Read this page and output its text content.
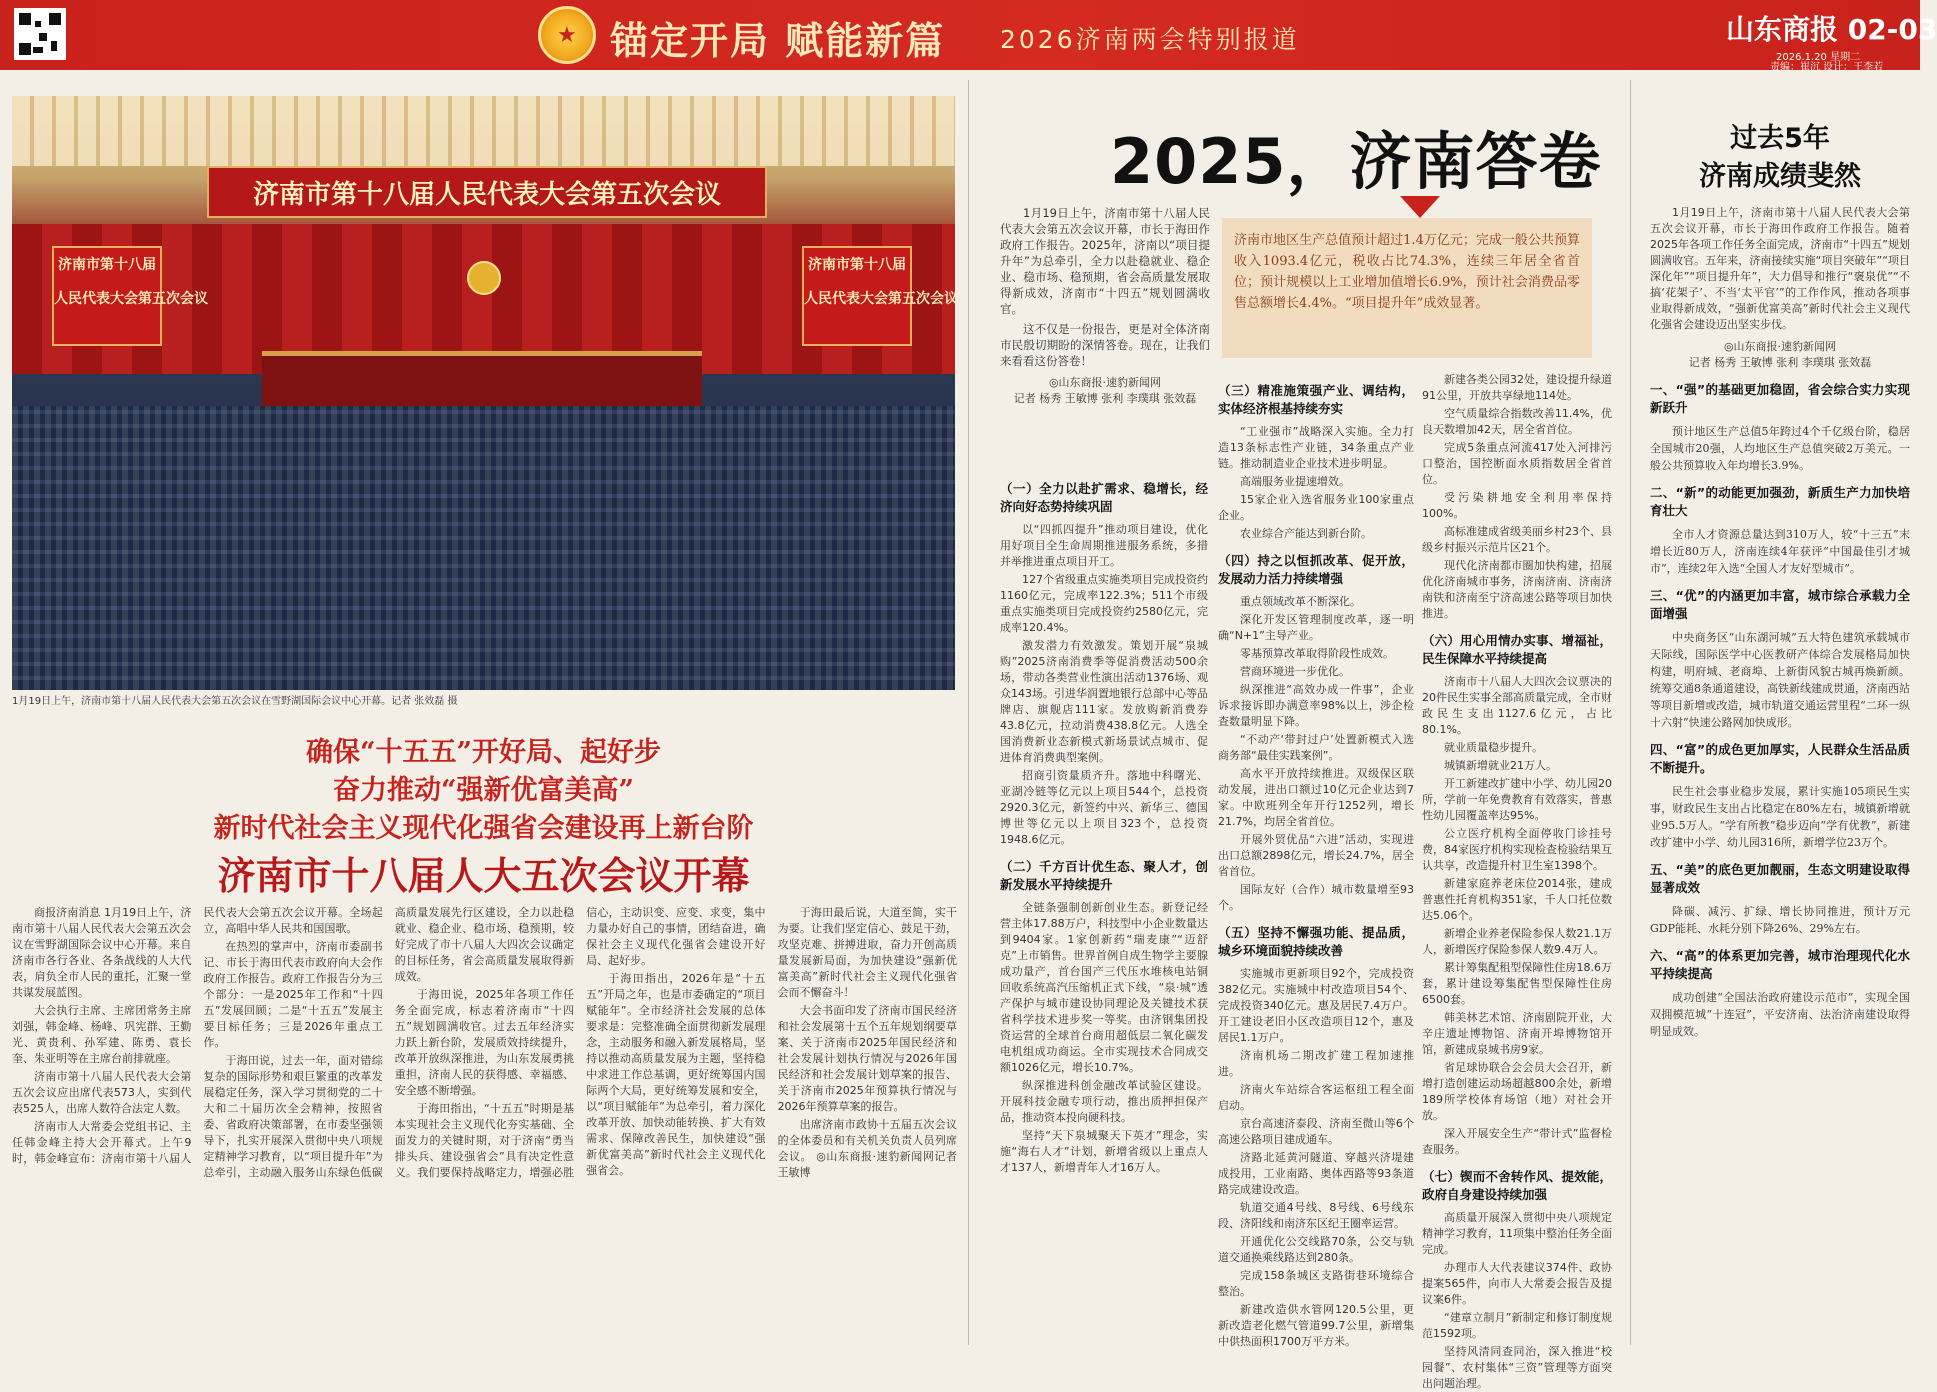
★ 锚定开局 赋能新篇 2026济南两会特别报道	山东商报 02-03
2026.1.20 星期二
责编：崔沉 设计：王李若
济南市第十八届人民代表大会第五次会议
济南市第十八届
人民代表大会第五次会议
济南市第十八届
人民代表大会第五次会议
1月19日上午，济南市第十八届人民代表大会第五次会议在雪野湖国际会议中心开幕。记者 张效磊 摄
确保“十五五”开好局、起好步
奋力推动“强新优富美高”
新时代社会主义现代化强省会建设再上新台阶
济南市十八届人大五次会议开幕

商报济南消息 1月19日上午，济南市第十八届人民代表大会第五次会议在雪野湖国际会议中心开幕。来自济南市各行各业、各条战线的人大代表，肩负全市人民的重托，汇聚一堂共谋发展蓝图。

大会执行主席、主席团常务主席刘强，韩金峰、杨峰、巩宪群、王勤光、黄贵利、孙军建、陈勇、袁长奎、朱亚明等在主席台前排就座。

济南市第十八届人民代表大会第五次会议应出席代表573人，实到代表525人，出席人数符合法定人数。

济南市人大常委会党组书记、主任韩金峰主持大会开幕式。上午9时，韩金峰宣布：济南市第十八届人民代表大会第五次会议开幕。全场起立，高唱中华人民共和国国歌。

在热烈的掌声中，济南市委副书记、市长于海田代表市政府向大会作政府工作报告。政府工作报告分为三个部分：一是2025年工作和“十四五”发展回顾；二是“十五五”发展主要目标任务；三是2026年重点工作。

于海田说，过去一年，面对错综复杂的国际形势和艰巨繁重的改革发展稳定任务，深入学习贯彻党的二十大和二十届历次全会精神，按照省委、省政府决策部署，在市委坚强领导下，扎实开展深入贯彻中央八项规定精神学习教育，以“项目提升年”为总牵引，主动融入服务山东绿色低碳高质量发展先行区建设，全力以赴稳就业、稳企业、稳市场、稳预期，较好完成了市十八届人大四次会议确定的目标任务，省会高质量发展取得新成效。

于海田说，2025年各项工作任务全面完成，标志着济南市“十四五”规划圆满收官。过去五年经济实力跃上新台阶，发展质效持续提升，改革开放纵深推进，为山东发展勇挑重担，济南人民的获得感、幸福感、安全感不断增强。

于海田指出，“十五五”时期是基本实现社会主义现代化夯实基础、全面发力的关键时期，对于济南“勇当排头兵、建设强省会”具有决定性意义。我们要保持战略定力，增强必胜信心，主动识变、应变、求变，集中力量办好自己的事情，团结奋进，确保社会主义现代化强省会建设开好局、起好步。

于海田指出，2026年是“十五五”开局之年，也是市委确定的“项目赋能年”。全市经济社会发展的总体要求是：完整准确全面贯彻新发展理念，主动服务和融入新发展格局，坚持以推动高质量发展为主题，坚持稳中求进工作总基调，更好统筹国内国际两个大局，更好统筹发展和安全，以“项目赋能年”为总牵引，着力深化改革开放、加快动能转换、扩大有效需求、保障改善民生，加快建设“强新优富美高”新时代社会主义现代化强省会。

于海田最后说，大道至简，实干为要。让我们坚定信心、鼓足干劲，攻坚克难、拼搏进取，奋力开创高质量发展新局面，为加快建设“强新优富美高”新时代社会主义现代化强省会而不懈奋斗！

大会书面印发了济南市国民经济和社会发展第十五个五年规划纲要草案、关于济南市2025年国民经济和社会发展计划执行情况与2026年国民经济和社会发展计划草案的报告、关于济南市2025年预算执行情况与2026年预算草案的报告。

出席济南市政协十五届五次会议的全体委员和有关机关负责人员列席会议。 ◎山东商报·速豹新闻网记者 王敏博

2025，济南答卷
济南市地区生产总值预计超过1.4万亿元；完成一般公共预算收入1093.4亿元，税收占比74.3%，连续三年居全省首位；预计规模以上工业增加值增长6.9%，预计社会消费品零售总额增长4.4%。“项目提升年”成效显著。

1月19日上午，济南市第十八届人民代表大会第五次会议开幕，市长于海田作政府工作报告。2025年，济南以“项目提升年”为总牵引，全力以赴稳就业、稳企业、稳市场、稳预期，省会高质量发展取得新成效，济南市“十四五”规划圆满收官。

这不仅是一份报告，更是对全体济南市民殷切期盼的深情答卷。现在，让我们来看看这份答卷！

◎山东商报·速豹新闻网
记者 杨秀 王敏博 张利 李璞琪 张效磊
（一）全力以赴扩需求、稳增长，经济向好态势持续巩固

以“四抓四提升”推动项目建设，优化用好项目全生命周期推进服务系统，多措并举推进重点项目开工。

127个省级重点实施类项目完成投资约1160亿元，完成率122.3%；511个市级重点实施类项目完成投资约2580亿元，完成率120.4%。

激发潜力有效激发。策划开展“泉城购”2025济南消费季等促消费活动500余场，带动各类营业性演出活动1376场、观众143场。引进华润置地银行总部中心等品牌店、旗舰店111家。发放购新消费券43.8亿元，拉动消费438.8亿元。人选全国消费新业态新模式新场景试点城市、促进体育消费典型案例。

招商引资量质齐升。落地中科曙光、亚湖冷链等亿元以上项目544个，总投资2920.3亿元，新签约中兴、新华三、德国博世等亿元以上项目323个，总投资1948.6亿元。

（二）千方百计优生态、聚人才，创新发展水平持续提升

全链条强制创新创业生态。新登记经营主体17.88万户，科技型中小企业数量达到9404家。1家创新药“瑞麦康”“迈舒克”上市销售。世界首例自成生物学主要腺成功量产，首台国产三代压水堆核电站铜回收系统高汽压缩机正式下线，“泉·城”透产保护与城市建设协同理论及关键技术获省科学技术进步奖一等奖。由济钢集团投资运营的全球首台商用超低层二氧化碳发电机组成功商运。全市实现技术合同成交额1026亿元，增长10.7%。

纵深推进科创金融改革试验区建设。开展科技金融专项行动，推出质押担保产品，推动资本投向硬科技。

坚持“天下泉城聚天下英才”理念，实施“海右人才”计划，新增省级以上重点人才137人，新增青年人才16万人。

（三）精准施策强产业、调结构，实体经济根基持续夯实

“工业强市”战略深入实施。全力打造13条标志性产业链，34条重点产业链。推动制造业企业技术进步明显。

高端服务业提速增效。

15家企业入选省服务业100家重点企业。

农业综合产能达到新台阶。

（四）持之以恒抓改革、促开放，发展动力活力持续增强

重点领域改革不断深化。

深化开发区管理制度改革，逐一明确“N+1”主导产业。

零基预算改革取得阶段性成效。

营商环境进一步优化。

纵深推进“高效办成一件事”，企业诉求接诉即办满意率98%以上，涉企检查数量明显下降。

“不动产‘带封过户’处置新模式入选商务部“最佳实践案例”。

高水平开放持续推进。双级保区联动发展，进出口额过10亿元企业达到7家。中欧班列全年开行1252列，增长21.7%，均居全省首位。

开展外贸优品“六进”活动，实现进出口总额2898亿元，增长24.7%，居全省首位。

国际友好（合作）城市数量增至93个。

（五）坚持不懈强功能、提品质，城乡环境面貌持续改善

实施城市更新项目92个，完成投资382亿元。实施城中村改造项目54个、完成投资340亿元。惠及居民7.4万户。开工建设老旧小区改造项目12个，惠及居民1.1万户。

济南机场二期改扩建工程加速推进。

济南火车站综合客运枢纽工程全面启动。

京台高速济泰段、济南至微山等6个高速公路项目建成通车。

济路北延黄河隧道、穿越兴济堤建成投用，工业南路、奥体西路等93条道路完成建设改造。

轨道交通4号线、8号线、6号线东段、济阳线和南济东区纪王圈率运营。

开通优化公交线路70条，公交与轨道交通换乘线路达到280条。

完成158条城区支路街巷环境综合整治。

新建改造供水管网120.5公里，更新改造老化燃气管道99.7公里，新增集中供热面积1700万平方米。

新建各类公园32处，建设提升绿道91公里，开放共享绿地114处。

空气质量综合指数改善11.4%，优良天数增加42天，居全省首位。

完成5条重点河流417处入河排污口整治，国控断面水质指数居全省首位。

受污染耕地安全利用率保持100%。

高标准建成省级美丽乡村23个、县级乡村振兴示范片区21个。

现代化济南都市圈加快构建，招展优化济南城市事务，济南济南、济南济南铁和济南至宁济高速公路等项目加快推进。

（六）用心用情办实事、增福祉，民生保障水平持续提高

济南市十八届人大四次会议票决的20件民生实事全部高质量完成，全市财政民生支出1127.6亿元，占比80.1%。

就业质量稳步提升。

城镇新增就业21万人。

开工新建改扩建中小学、幼儿园20所，学前一年免费教育有效落实，普惠性幼儿园覆盖率达95%。

公立医疗机构全面停收门诊挂号费，84家医疗机构实现检查检验结果互认共享，改造提升村卫生室1398个。

新建家庭养老床位2014张，建成普惠性托育机构351家，千人口托位数达5.06个。

新增企业养老保险参保人数21.1万人，新增医疗保险参保人数9.4万人。

累计筹集配租型保障性住房18.6万套，累计建设筹集配售型保障性住房6500套。

韩美林艺术馆、济南剧院开业，大辛庄遗址博物馆、济南开埠博物馆开馆，新建成泉城书房9家。

省足球协联合会会员大会召开，新增打造创建运动场超越800余处，新增189所学校体育场馆（地）对社会开放。

深入开展安全生产“带计式”监督检查服务。

（七）锲而不舍转作风、提效能，政府自身建设持续加强

高质量开展深入贯彻中央八项规定精神学习教育，11项集中整治任务全面完成。

办理市人大代表建议374件、政协提案565件，向市人大常委会报告及提议案6件。

“建章立制月”新制定和修订制度规范1592项。

坚持风清同查同治，深入推进“校园餐”、农村集体“三资”管理等方面突出问题治理。

过去5年
济南成绩斐然

1月19日上午，济南市第十八届人民代表大会第五次会议开幕，市长于海田作政府工作报告。随着2025年各项工作任务全面完成，济南市“十四五”规划圆满收官。五年来，济南接续实施“项目突破年”“项目深化年”“项目提升年”，大力倡导和推行“褒泉优”“不搞‘花架子’、不当‘太平官’”的工作作风，推动各项事业取得新成效，“强新优富美高”新时代社会主义现代化强省会建设迈出坚实步伐。

◎山东商报·速豹新闻网
记者 杨秀 王敏博 张利 李璞琪 张效磊
一、“强”的基础更加稳固，省会综合实力实现新跃升

预计地区生产总值5年跨过4个千亿级台阶，稳居全国城市20强，人均地区生产总值突破2万美元。一般公共预算收入年均增长3.9%。

二、“新”的动能更加强劲，新质生产力加快培育壮大

全市人才资源总量达到310万人，较“十三五”末增长近80万人，济南连续4年获评“中国最佳引才城市”，连续2年入选“全国人才友好型城市”。

三、“优”的内涵更加丰富，城市综合承载力全面增强

中央商务区“山东湖河城”五大特色建筑承载城市天际线，国际医学中心医教研产体综合发展格局加快构建，明府城、老商埠、上新街风貌古城再焕新颜。统筹交通8条通道建设，高铁新线建成贯通，济南西站等项目新增或改造，城市轨道交通运营里程“二环一纵十六射”快速公路网加快成形。

四、“富”的成色更加厚实，人民群众生活品质不断提升。

民生社会事业稳步发展，累计实施105项民生实事，财政民生支出占比稳定在80%左右，城镇新增就业95.5万人。“学有所教”稳步迈向“学有优教”，新建改扩建中小学、幼儿园316所，新增学位23万个。

五、“美”的底色更加靓丽，生态文明建设取得显著成效

降碳、减污、扩绿、增长协同推进，预计万元GDP能耗、水耗分别下降26%、29%左右。

六、“高”的体系更加完善，城市治理现代化水平持续提高

成功创建“全国法治政府建设示范市”，实现全国双拥模范城“十连冠”，平安济南、法治济南建设取得明显成效。
